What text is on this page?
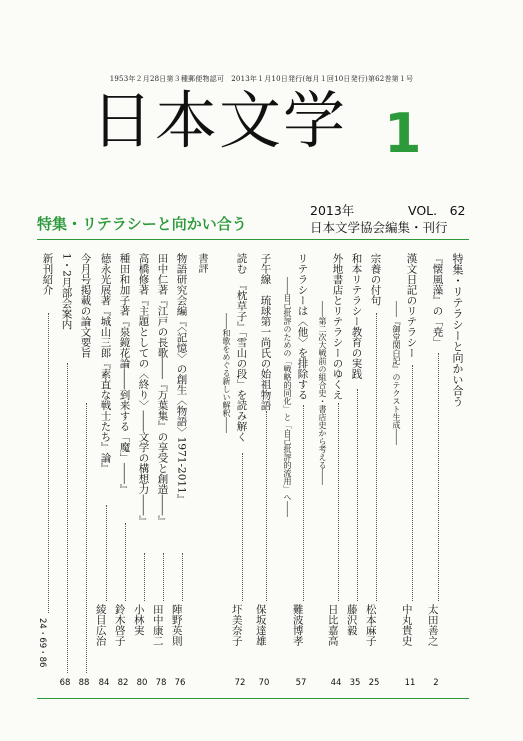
1953年２月28日第３種郵便物認可　2013年１月10日発行(毎月１回10日発行)第62巻第１号
日本文学 1
2013年	VOL.　62
日本文学協会編集・刊行
特集・リテラシーと向かい合う
特集・リテラシーと向かい合う
『懐風藻』の「尭」
漢文日記のリテラシー
――『御堂関白記』のテクスト生成――
宗養の付句
和本リテラシー教育の実践
外地書店とリテラシーのゆくえ
――第二次大戦前の組合史・書店史から考える――
リテラシーは〈他〉を排除する
――自己批評のための「戦略的同化」と「自己批評的流用」へ――
子午線　琉球第一尚氏の始祖物語
読む　『枕草子』「雪山の段」を読み解く
――和歌をめぐる新しい解釈――
書評
物語研究会編『〈記憶〉の創生〈物語〉1971-2011』
田中仁著『江戸の長歌――『万葉集』の享受と創造――』
高橋修著『主題としての〈終り〉――文学の構想力――』
種田和加子著『泉鏡花論――到来する「魔」――』
徳永光展著『城山三郎『素直な戦士たち』論』
今月号掲載の論文要旨
1・2月部会案内
新刊紹介
太田善之
中丸貴史
松本麻子
藤沢毅
日比嘉高
難波博孝
保坂達雄
圷美奈子
陣野英則
田中康二
小林実
鈴木啓子
綾目広治
2
11
25
35
44
57
70
72
76
78
80
82
84
88
68
24・69・86
